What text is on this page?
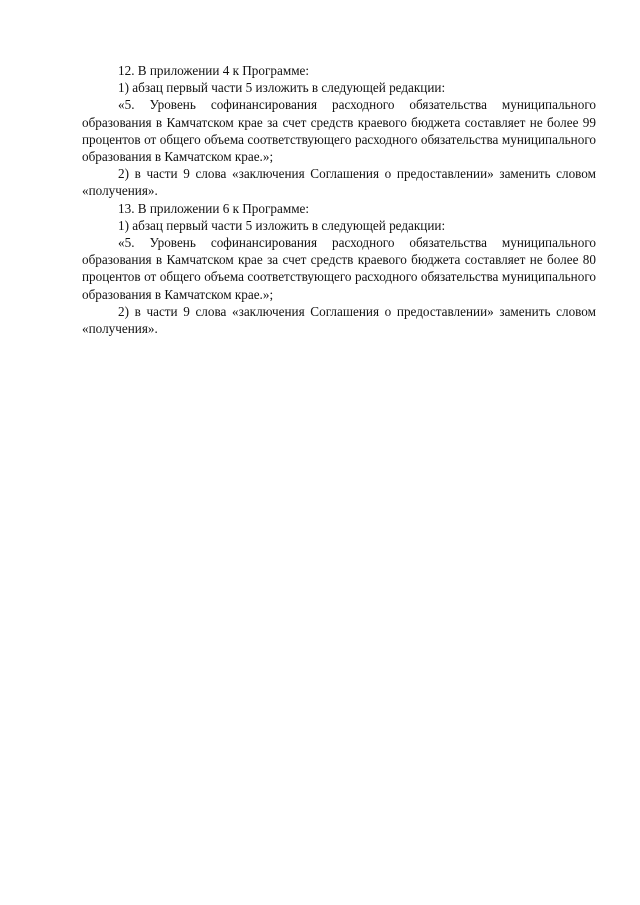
12. В приложении 4 к Программе:

1) абзац первый части 5 изложить в следующей редакции:

«5. Уровень софинансирования расходного обязательства муниципального образования в Камчатском крае за счет средств краевого бюджета составляет не более 99 процентов от общего объема соответствующего расходного обязательства муниципального образования в Камчатском крае.»;

2) в части 9 слова «заключения Соглашения о предоставлении» заменить словом «получения».

13. В приложении 6 к Программе:

1) абзац первый части 5 изложить в следующей редакции:

«5. Уровень софинансирования расходного обязательства муниципального образования в Камчатском крае за счет средств краевого бюджета составляет не более 80 процентов от общего объема соответствующего расходного обязательства муниципального образования в Камчатском крае.»;

2) в части 9 слова «заключения Соглашения о предоставлении» заменить словом «получения».
